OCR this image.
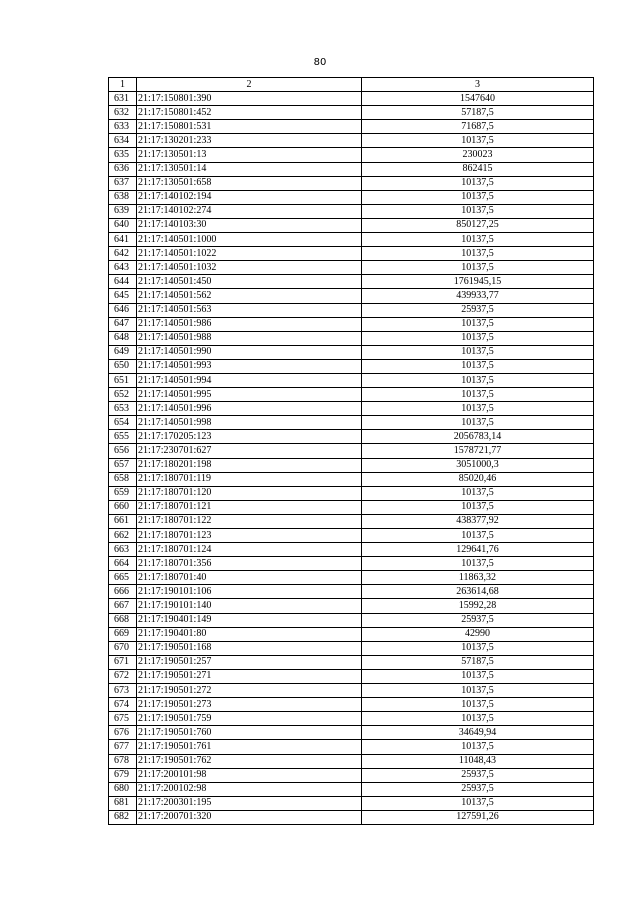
80
1	2	3
631	21:17:150801:390	1547640
632	21:17:150801:452	57187,5
633	21:17:150801:531	71687,5
634	21:17:130201:233	10137,5
635	21:17:130501:13	230023
636	21:17:130501:14	862415
637	21:17:130501:658	10137,5
638	21:17:140102:194	10137,5
639	21:17:140102:274	10137,5
640	21:17:140103:30	850127,25
641	21:17:140501:1000	10137,5
642	21:17:140501:1022	10137,5
643	21:17:140501:1032	10137,5
644	21:17:140501:450	1761945,15
645	21:17:140501:562	439933,77
646	21:17:140501:563	25937,5
647	21:17:140501:986	10137,5
648	21:17:140501:988	10137,5
649	21:17:140501:990	10137,5
650	21:17:140501:993	10137,5
651	21:17:140501:994	10137,5
652	21:17:140501:995	10137,5
653	21:17:140501:996	10137,5
654	21:17:140501:998	10137,5
655	21:17:170205:123	2056783,14
656	21:17:230701:627	1578721,77
657	21:17:180201:198	3051000,3
658	21:17:180701:119	85020,46
659	21:17:180701:120	10137,5
660	21:17:180701:121	10137,5
661	21:17:180701:122	438377,92
662	21:17:180701:123	10137,5
663	21:17:180701:124	129641,76
664	21:17:180701:356	10137,5
665	21:17:180701:40	11863,32
666	21:17:190101:106	263614,68
667	21:17:190101:140	15992,28
668	21:17:190401:149	25937,5
669	21:17:190401:80	42990
670	21:17:190501:168	10137,5
671	21:17:190501:257	57187,5
672	21:17:190501:271	10137,5
673	21:17:190501:272	10137,5
674	21:17:190501:273	10137,5
675	21:17:190501:759	10137,5
676	21:17:190501:760	34649,94
677	21:17:190501:761	10137,5
678	21:17:190501:762	11048,43
679	21:17:200101:98	25937,5
680	21:17:200102:98	25937,5
681	21:17:200301:195	10137,5
682	21:17:200701:320	127591,26
